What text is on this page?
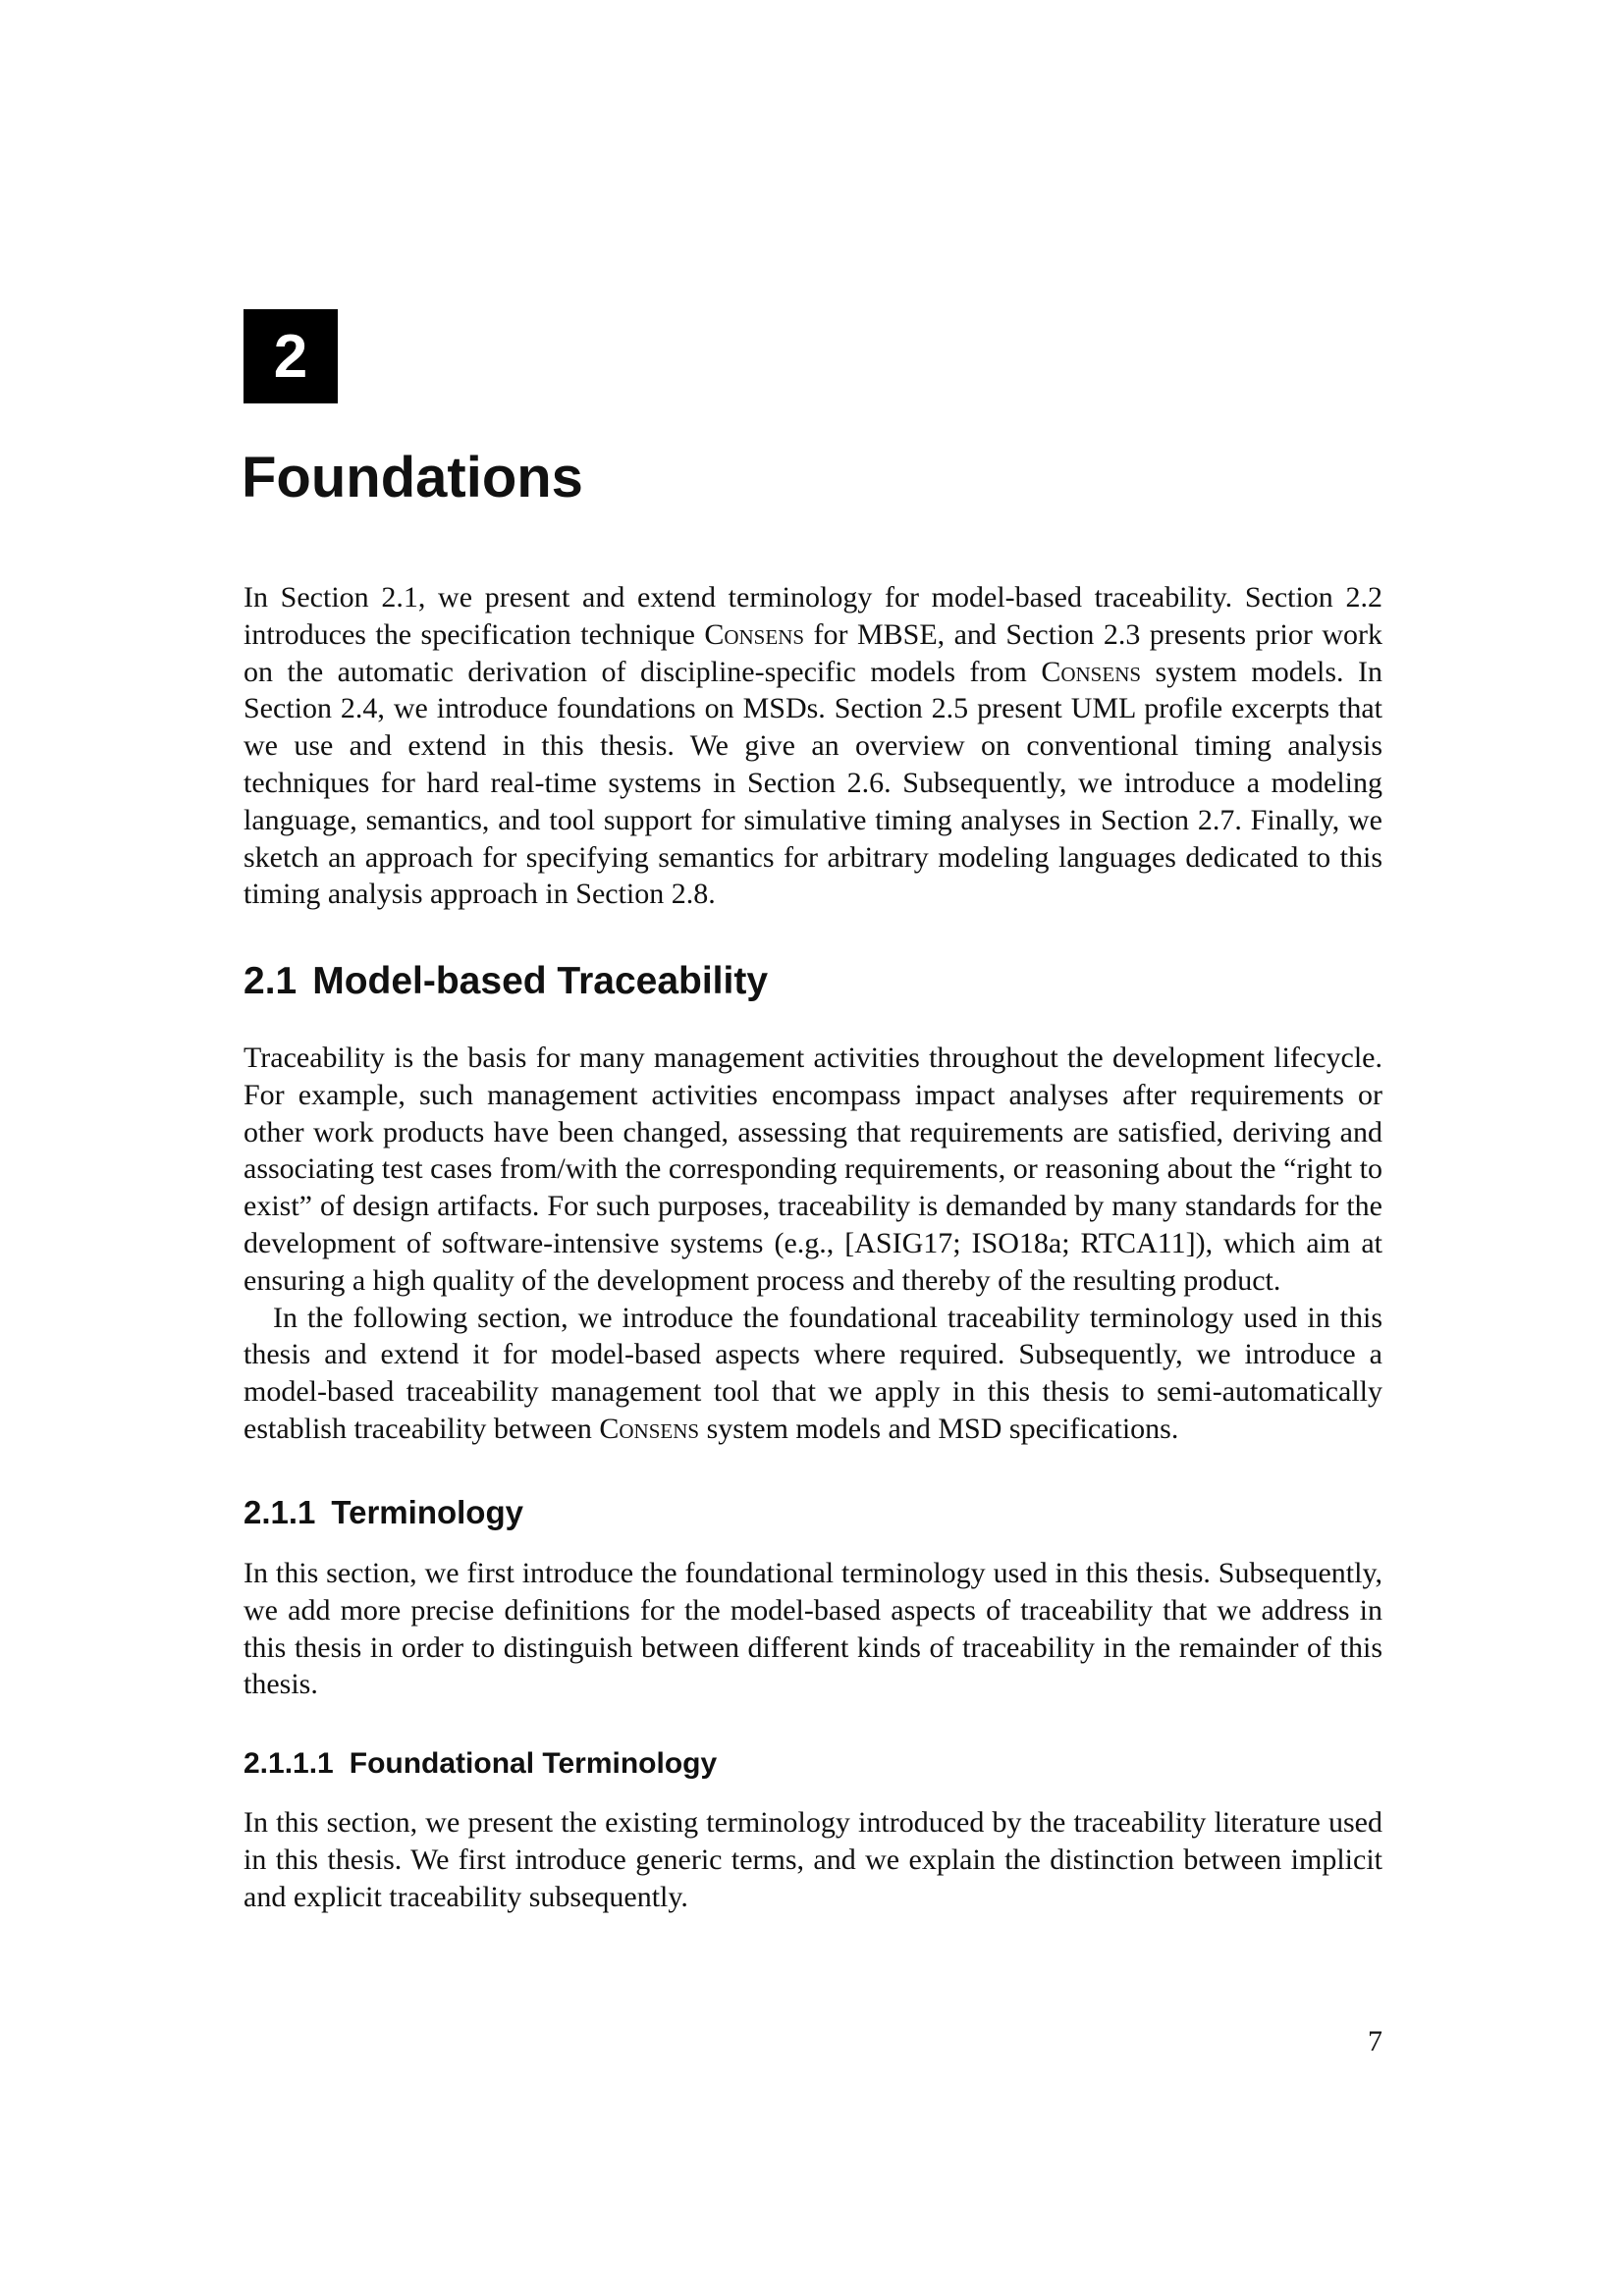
2
Foundations

In Section 2.1, we present and extend terminology for model-based traceability. Section 2.2 introduces the specification technique Consens for MBSE, and Section 2.3 presents prior work on the automatic derivation of discipline-specific models from Consens system models. In Section 2.4, we introduce foundations on MSDs. Section 2.5 present UML profile excerpts that we use and extend in this thesis. We give an overview on conventional timing analysis techniques for hard real-time systems in Section 2.6. Subsequently, we introduce a modeling language, semantics, and tool support for simulative timing analyses in Section 2.7. Finally, we sketch an approach for specifying semantics for arbitrary modeling languages dedicated to this timing analysis approach in Section 2.8.

2.1 Model-based Traceability

Traceability is the basis for many management activities throughout the development lifecycle. For example, such management activities encompass impact analyses after requirements or other work products have been changed, assessing that requirements are satisfied, deriving and associating test cases from/with the corresponding requirements, or reasoning about the “right to exist” of design artifacts. For such purposes, traceability is demanded by many standards for the development of software-intensive systems (e.g., [ASIG17; ISO18a; RTCA11]), which aim at ensuring a high quality of the development process and thereby of the resulting product.

In the following section, we introduce the foundational traceability terminology used in this thesis and extend it for model-based aspects where required. Subsequently, we introduce a model-based traceability management tool that we apply in this thesis to semi-automatically establish traceability between Consens system models and MSD specifications.

2.1.1 Terminology

In this section, we first introduce the foundational terminology used in this thesis. Subsequently, we add more precise definitions for the model-based aspects of traceability that we address in this thesis in order to distinguish between different kinds of traceability in the remainder of this thesis.

2.1.1.1 Foundational Terminology

In this section, we present the existing terminology introduced by the traceability literature used in this thesis. We first introduce generic terms, and we explain the distinction between implicit and explicit traceability subsequently.

7
